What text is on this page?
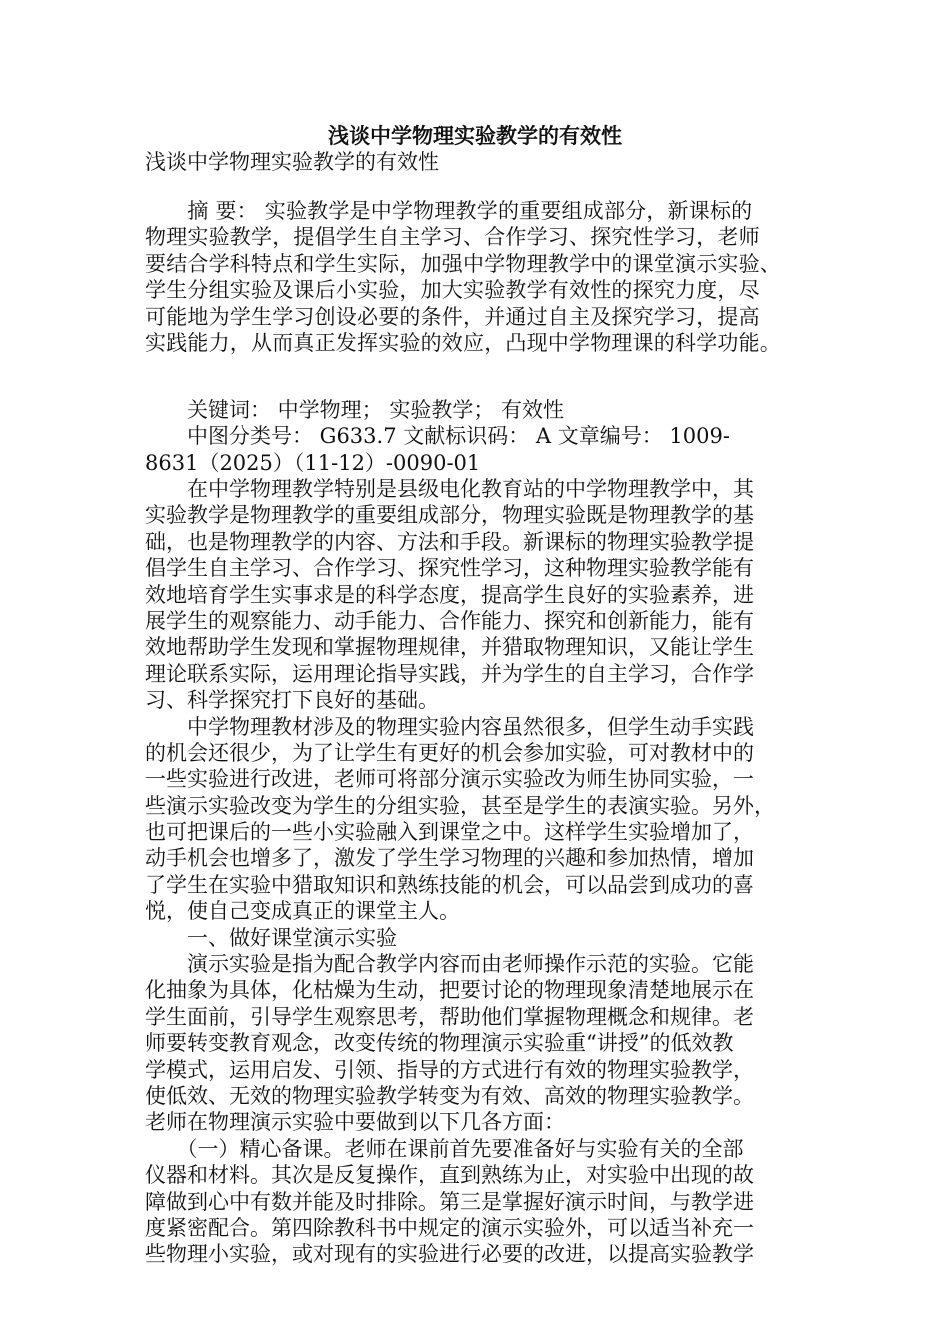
浅谈中学物理实验教学的有效性
浅谈中学物理实验教学的有效性
　　摘 要： 实验教学是中学物理教学的重要组成部分，新课标的
物理实验教学，提倡学生自主学习、合作学习、探究性学习，老师
要结合学科特点和学生实际，加强中学物理教学中的课堂演示实验、
学生分组实验及课后小实验，加大实验教学有效性的探究力度，尽
可能地为学生学习创设必要的条件，并通过自主及探究学习，提高
实践能力，从而真正发挥实验的效应，凸现中学物理课的科学功能。
　　关键词： 中学物理； 实验教学； 有效性
　　中图分类号： G633.7 文献标识码： A 文章编号： 1009-
8631（2025）（11-12）-0090-01
　　在中学物理教学特别是县级电化教育站的中学物理教学中，其
实验教学是物理教学的重要组成部分，物理实验既是物理教学的基
础，也是物理教学的内容、方法和手段。新课标的物理实验教学提
倡学生自主学习、合作学习、探究性学习，这种物理实验教学能有
效地培育学生实事求是的科学态度，提高学生良好的实验素养，进
展学生的观察能力、动手能力、合作能力、探究和创新能力，能有
效地帮助学生发现和掌握物理规律，并猎取物理知识，又能让学生
理论联系实际，运用理论指导实践，并为学生的自主学习，合作学
习、科学探究打下良好的基础。
　　中学物理教材涉及的物理实验内容虽然很多，但学生动手实践
的机会还很少，为了让学生有更好的机会参加实验，可对教材中的
一些实验进行改进，老师可将部分演示实验改为师生协同实验，一
些演示实验改变为学生的分组实验，甚至是学生的表演实验。另外，
也可把课后的一些小实验融入到课堂之中。这样学生实验增加了，
动手机会也增多了，激发了学生学习物理的兴趣和参加热情，增加
了学生在实验中猎取知识和熟练技能的机会，可以品尝到成功的喜
悦，使自己变成真正的课堂主人。
　　一、做好课堂演示实验
　　演示实验是指为配合教学内容而由老师操作示范的实验。它能
化抽象为具体，化枯燥为生动，把要讨论的物理现象清楚地展示在
学生面前，引导学生观察思考，帮助他们掌握物理概念和规律。老
师要转变教育观念，改变传统的物理演示实验重“讲授”的低效教
学模式，运用启发、引领、指导的方式进行有效的物理实验教学，
使低效、无效的物理实验教学转变为有效、高效的物理实验教学。
老师在物理演示实验中要做到以下几各方面：
　　（一）精心备课。老师在课前首先要准备好与实验有关的全部
仪器和材料。其次是反复操作，直到熟练为止，对实验中出现的故
障做到心中有数并能及时排除。第三是掌握好演示时间，与教学进
度紧密配合。第四除教科书中规定的演示实验外，可以适当补充一
些物理小实验，或对现有的实验进行必要的改进，以提高实验教学
